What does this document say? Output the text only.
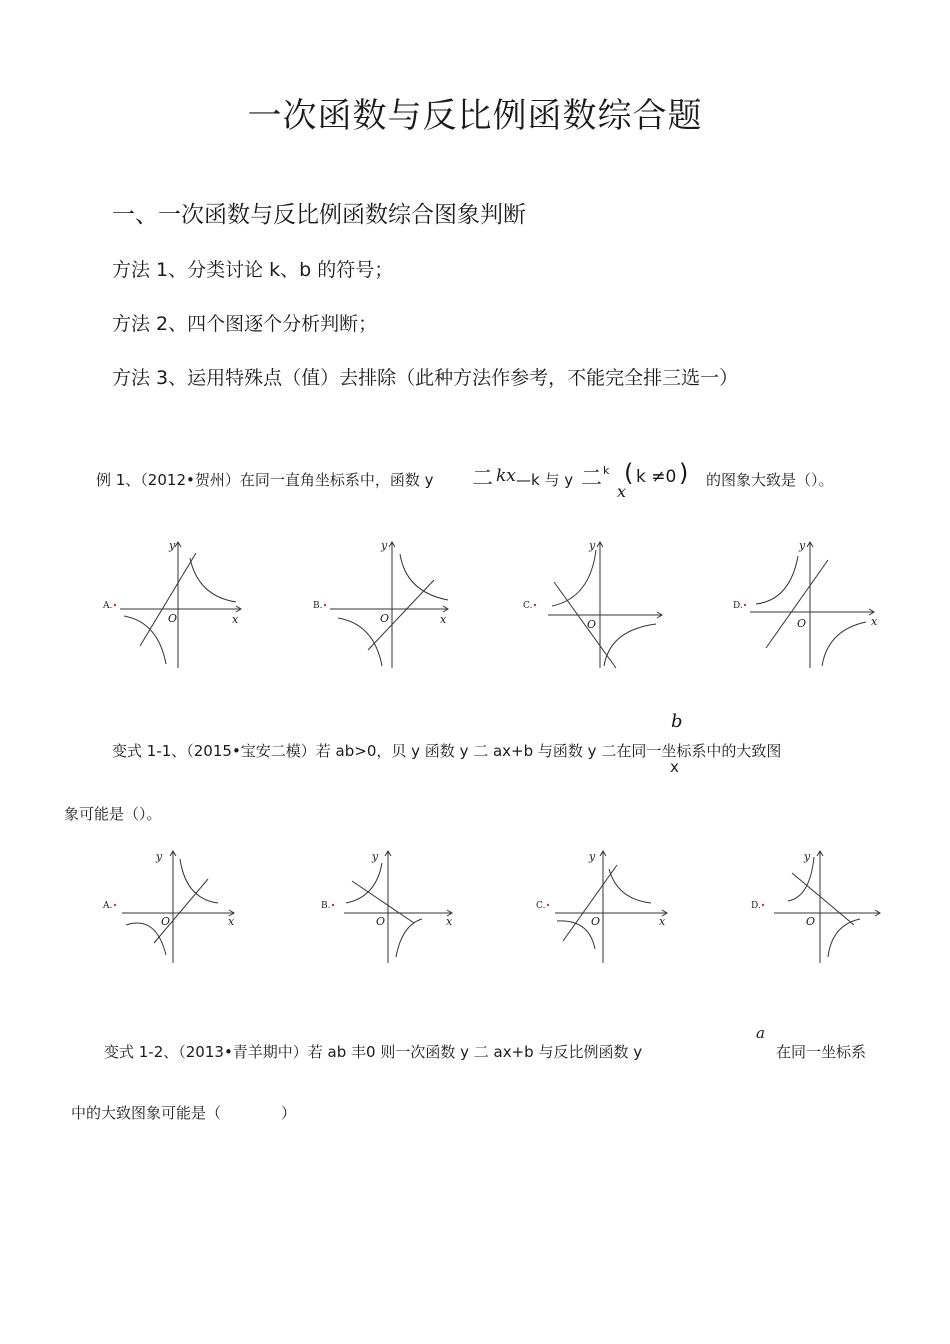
一次函数与反比例函数综合题
一、一次函数与反比例函数综合图象判断
方法 1、分类讨论 k、b 的符号；
方法 2、四个图逐个分析判断；
方法 3、运用特殊点（值）去排除（此种方法作参考，不能完全排三选一）
例 1、（2012•贺州）在同一直角坐标系中，函数 y 二 kx —k 与 y 二 k
x
( k ≠0 ) 的图象大致是（）。
A.
y
x
O
B.
y
x
O
C.
y
O
D.
y
x
O
b
变式 1-1、（2015•宝安二模）若 ab>0，贝 y 函数 y 二 ax+b 与函数 y 二在同一坐标系中的大致图
x
象可能是（）。
A.
y
x
O
B.
y
x
O
C.
y
x
O
D.
y
O
a
变式 1-2、（2013•青羊期中）若 ab 丰0 则一次函数 y 二 ax+b 与反比例函数 y	在同一坐标系
中的大致图象可能是（　　　　）
